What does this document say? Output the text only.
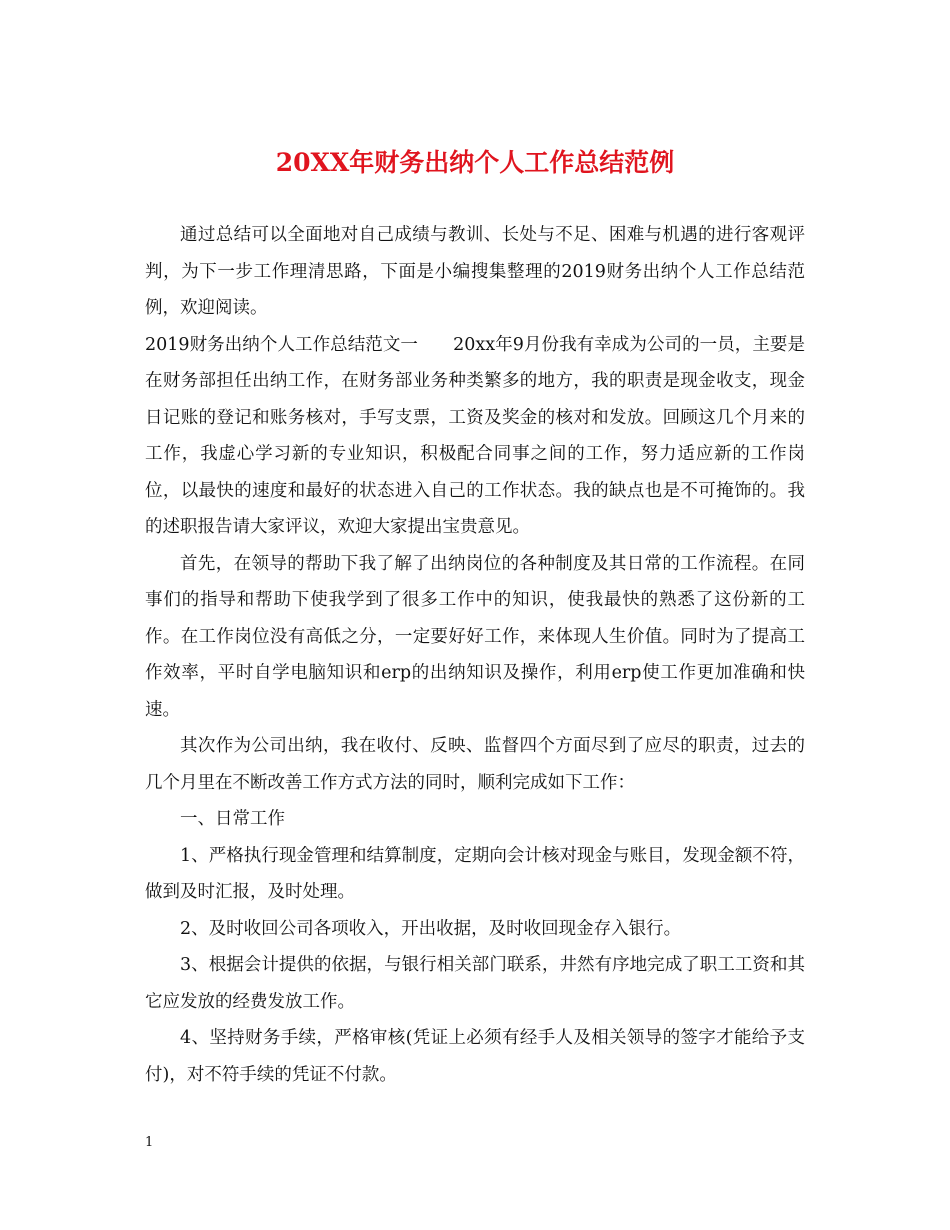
20XX年财务出纳个人工作总结范例

通过总结可以全面地对自己成绩与教训、长处与不足、困难与机遇的进行客观评判，为下一步工作理清思路，下面是小编搜集整理的2019财务出纳个人工作总结范例，欢迎阅读。

2019财务出纳个人工作总结范文一　　20xx年9月份我有幸成为公司的一员，主要是在财务部担任出纳工作，在财务部业务种类繁多的地方，我的职责是现金收支，现金日记账的登记和账务核对，手写支票，工资及奖金的核对和发放。回顾这几个月来的工作，我虚心学习新的专业知识，积极配合同事之间的工作，努力适应新的工作岗位，以最快的速度和最好的状态进入自己的工作状态。我的缺点也是不可掩饰的。我的述职报告请大家评议，欢迎大家提出宝贵意见。

首先，在领导的帮助下我了解了出纳岗位的各种制度及其日常的工作流程。在同事们的指导和帮助下使我学到了很多工作中的知识，使我最快的熟悉了这份新的工作。在工作岗位没有高低之分，一定要好好工作，来体现人生价值。同时为了提高工作效率，平时自学电脑知识和erp的出纳知识及操作，利用erp使工作更加准确和快速。

其次作为公司出纳，我在收付、反映、监督四个方面尽到了应尽的职责，过去的几个月里在不断改善工作方式方法的同时，顺利完成如下工作：

一、日常工作

1、严格执行现金管理和结算制度，定期向会计核对现金与账目，发现金额不符，做到及时汇报，及时处理。

2、及时收回公司各项收入，开出收据，及时收回现金存入银行。

3、根据会计提供的依据，与银行相关部门联系，井然有序地完成了职工工资和其它应发放的经费发放工作。

4、坚持财务手续，严格审核(凭证上必须有经手人及相关领导的签字才能给予支付)，对不符手续的凭证不付款。

1
